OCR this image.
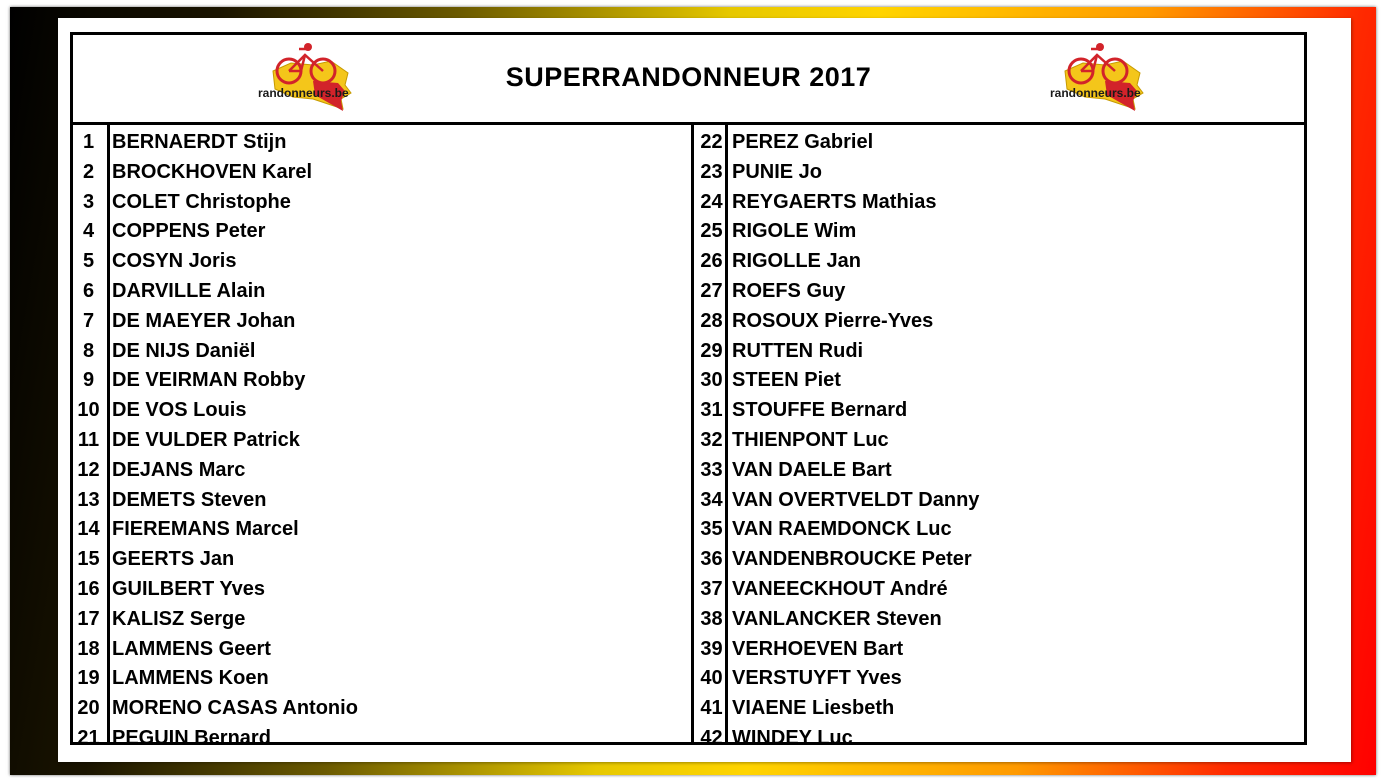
randonneurs.be
SUPERRANDONNEUR 2017
randonneurs.be
1 BERNAERDT Stijn
2 BROCKHOVEN Karel
3 COLET Christophe
4 COPPENS Peter
5 COSYN Joris
6 DARVILLE Alain
7 DE MAEYER Johan
8 DE NIJS Daniël
9 DE VEIRMAN Robby
10 DE VOS Louis
11 DE VULDER Patrick
12 DEJANS Marc
13 DEMETS Steven
14 FIEREMANS Marcel
15 GEERTS Jan
16 GUILBERT Yves
17 KALISZ Serge
18 LAMMENS Geert
19 LAMMENS Koen
20 MORENO CASAS Antonio
21 PEGUIN Bernard
22 PEREZ Gabriel
23 PUNIE Jo
24 REYGAERTS Mathias
25 RIGOLE Wim
26 RIGOLLE Jan
27 ROEFS Guy
28 ROSOUX Pierre-Yves
29 RUTTEN Rudi
30 STEEN Piet
31 STOUFFE Bernard
32 THIENPONT Luc
33 VAN DAELE Bart
34 VAN OVERTVELDT Danny
35 VAN RAEMDONCK Luc
36 VANDENBROUCKE Peter
37 VANEECKHOUT André
38 VANLANCKER Steven
39 VERHOEVEN Bart
40 VERSTUYFT Yves
41 VIAENE Liesbeth
42 WINDEY Luc
